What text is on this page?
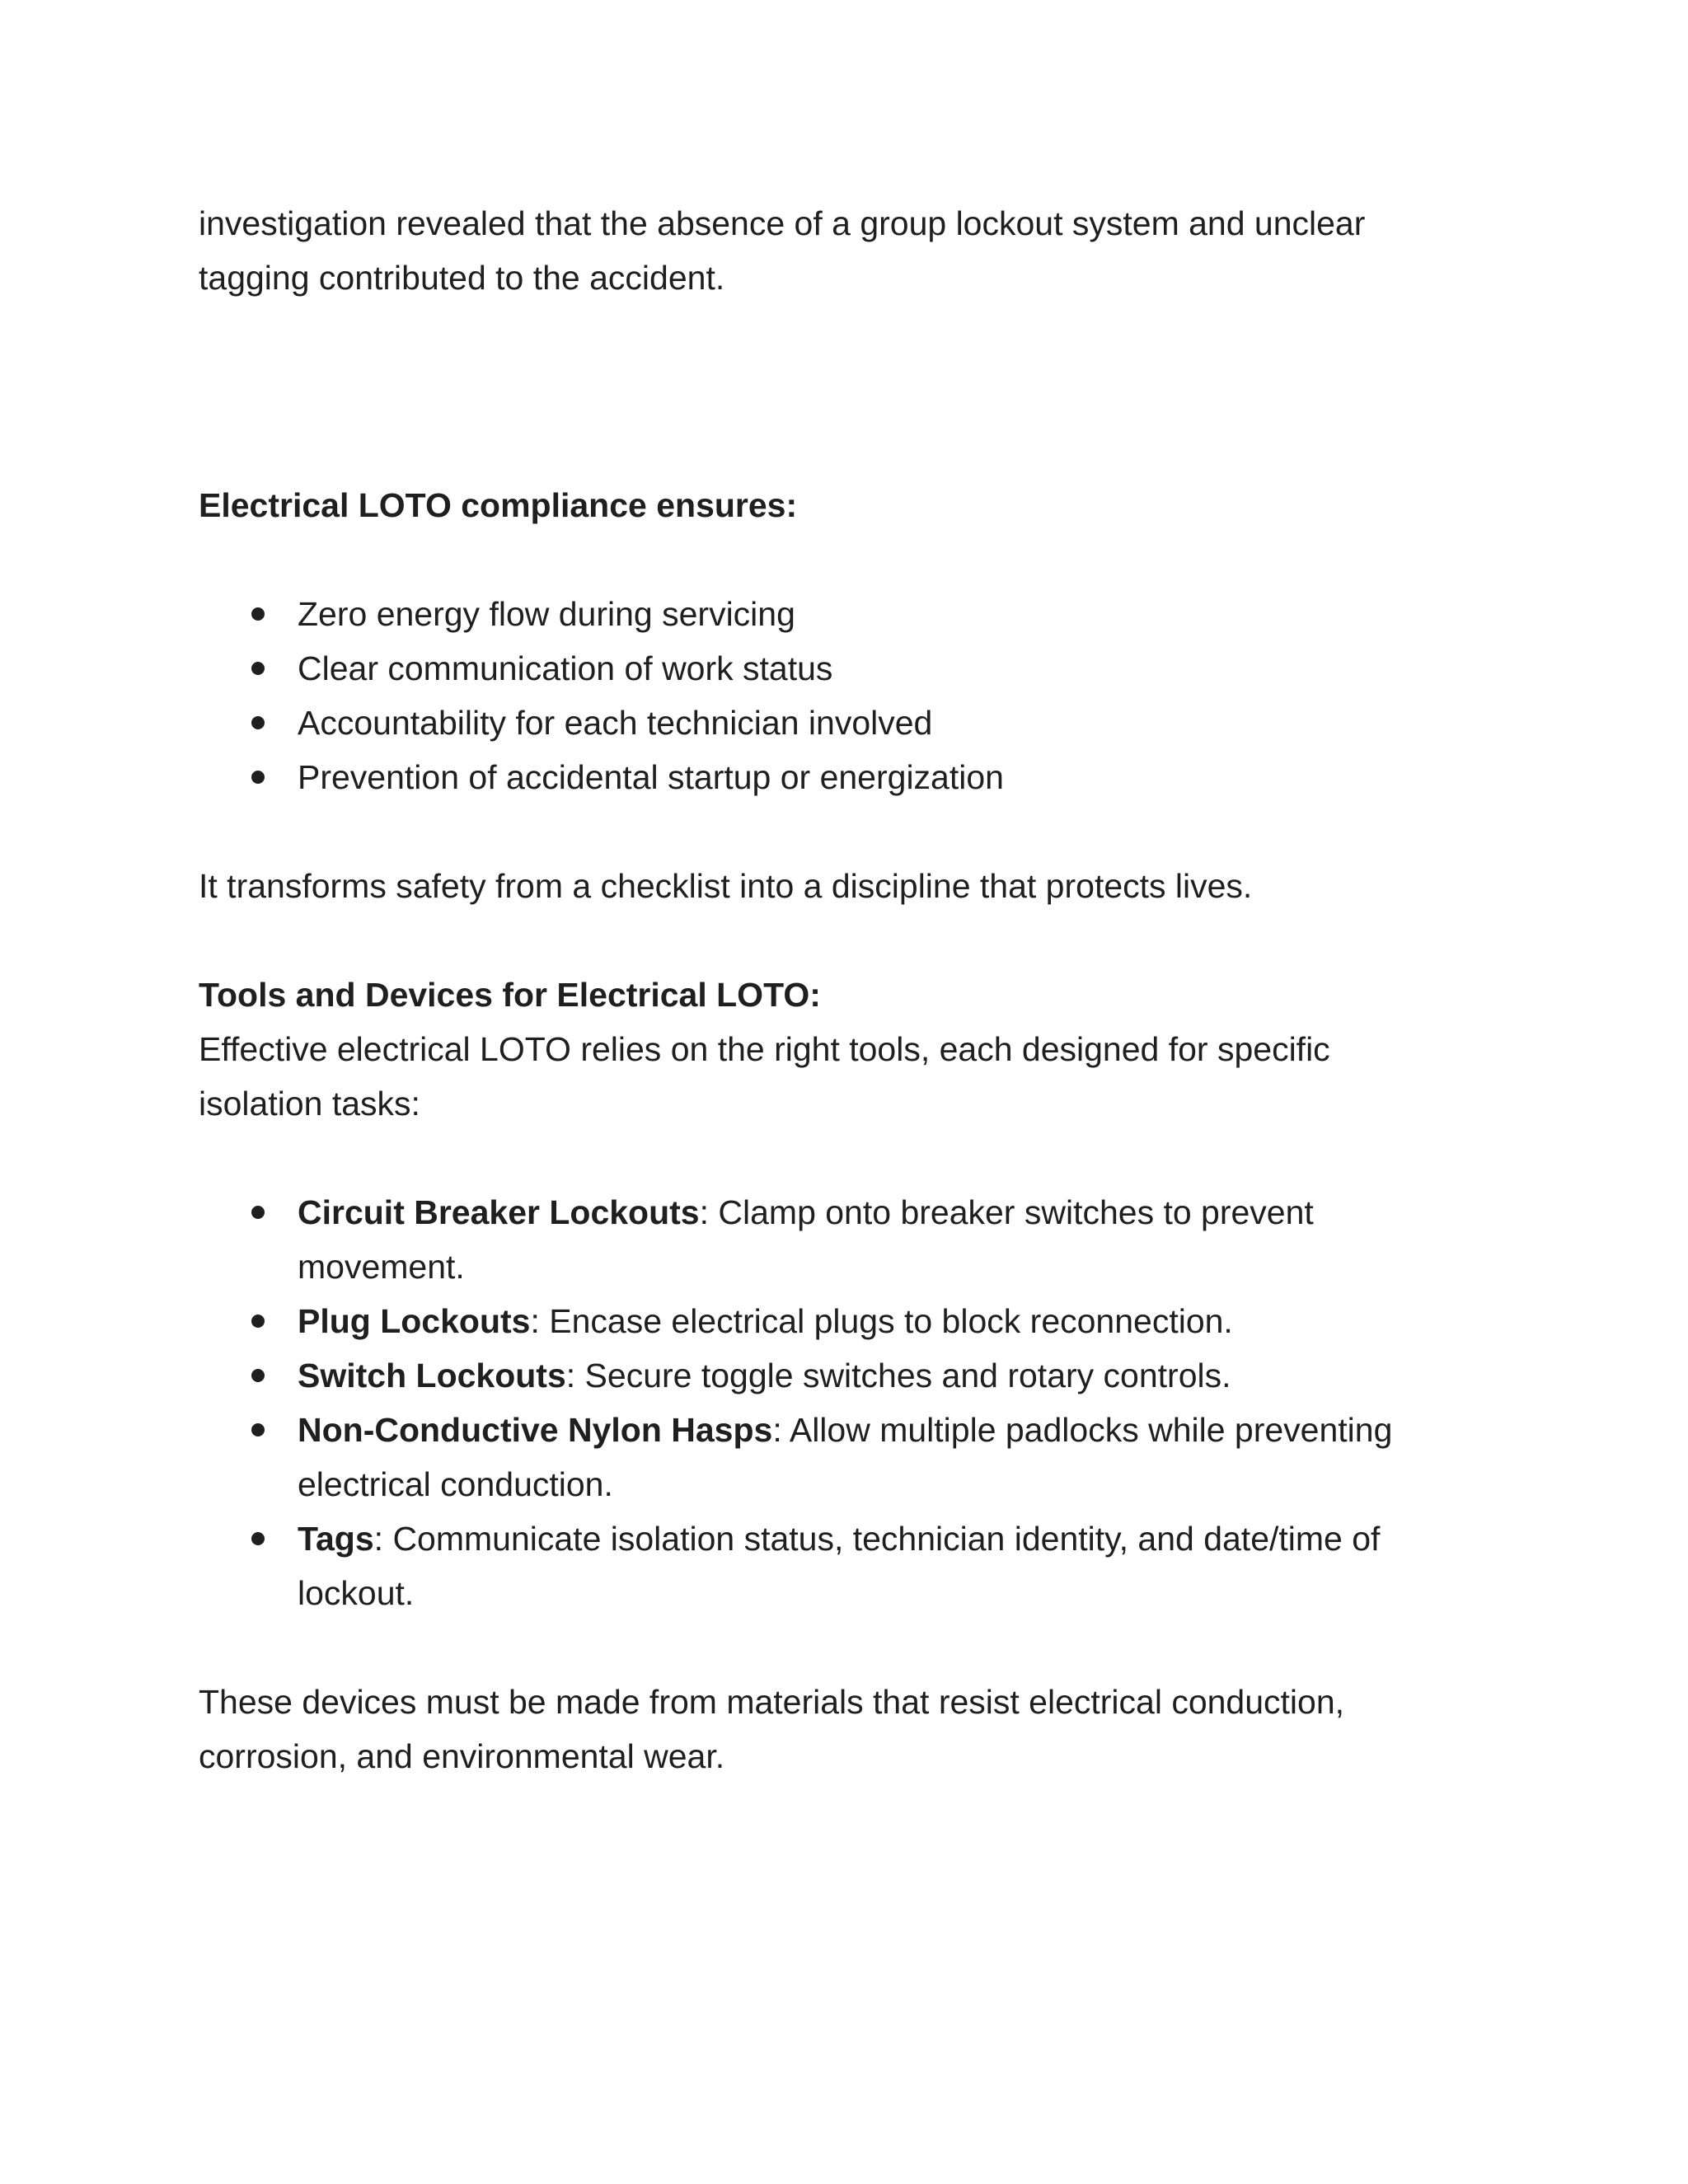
investigation revealed that the absence of a group lockout system and unclear tagging contributed to the accident.

Electrical LOTO compliance ensures:

Zero energy flow during servicing
Clear communication of work status
Accountability for each technician involved
Prevention of accidental startup or energization

It transforms safety from a checklist into a discipline that protects lives.

Tools and Devices for Electrical LOTO:

Effective electrical LOTO relies on the right tools, each designed for specific isolation tasks:

Circuit Breaker Lockouts: Clamp onto breaker switches to prevent movement.
Plug Lockouts: Encase electrical plugs to block reconnection.
Switch Lockouts: Secure toggle switches and rotary controls.
Non-Conductive Nylon Hasps: Allow multiple padlocks while preventing electrical conduction.
Tags: Communicate isolation status, technician identity, and date/time of lockout.

These devices must be made from materials that resist electrical conduction, corrosion, and environmental wear.
